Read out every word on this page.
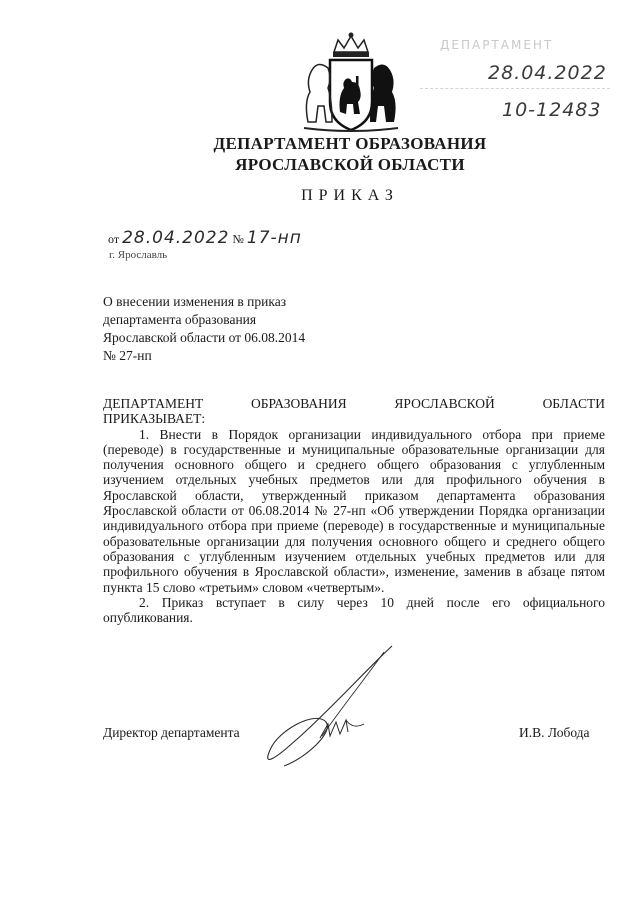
ДЕПАРТАМЕНТ
28.04.2022
10-12483
ДЕПАРТАМЕНТ ОБРАЗОВАНИЯ
ЯРОСЛАВСКОЙ ОБЛАСТИ
ПРИКАЗ
от 28.04.2022 № 17-нп
г. Ярославль
О внесении изменения в приказ
департамента образования
Ярославской области от 06.08.2014
№ 27-нп
ДЕПАРТАМЕНТ	ОБРАЗОВАНИЯ	ЯРОСЛАВСКОЙ	ОБЛАСТИ

ПРИКАЗЫВАЕТ:

1. Внести в Порядок организации индивидуального отбора при приеме (переводе) в государственные и муниципальные образовательные организации для получения основного общего и среднего общего образования с углубленным изучением отдельных учебных предметов или для профильного обучения в Ярославской области, утвержденный приказом департамента образования Ярославской области от 06.08.2014 № 27-нп «Об утверждении Порядка организации индивидуального отбора при приеме (переводе) в государственные и муниципальные образовательные организации для получения основного общего и среднего общего образования с углубленным изучением отдельных учебных предметов или для профильного обучения в Ярославской области», изменение, заменив в абзаце пятом пункта 15 слово «третьим» словом «четвертым».

2. Приказ вступает в силу через 10 дней после его официального опубликования.

Директор департамента	И.В. Лобода
